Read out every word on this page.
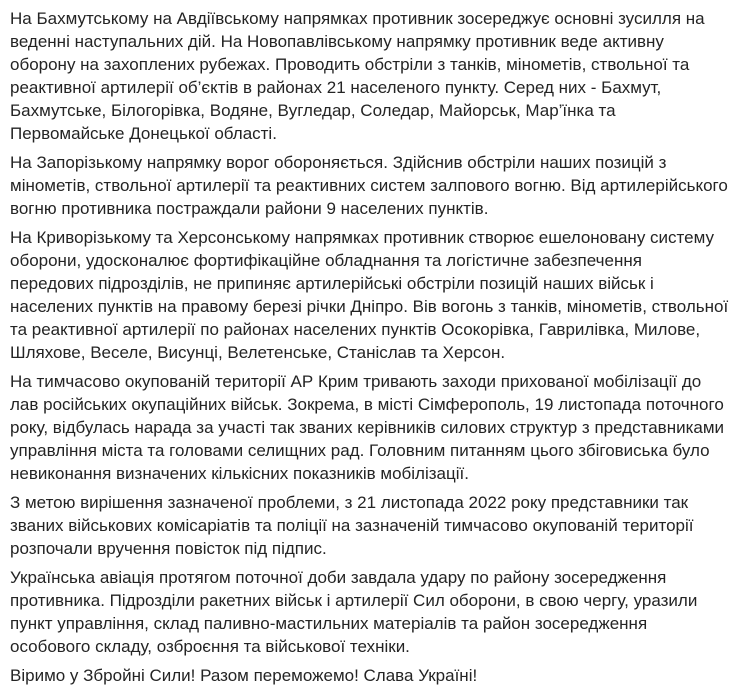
На Бахмутському на Авдіївському напрямках противник зосереджує основні зусилля на веденні наступальних дій. На Новопавлівському напрямку противник веде активну оборону на захоплених рубежах. Проводить обстріли з танків, мінометів, ствольної та реактивної артилерії об’єктів в районах 21 населеного пункту. Серед них - Бахмут, Бахмутське, Білогорівка, Водяне, Вугледар, Соледар, Майорськ, Мар’їнка та Первомайське Донецької області.

На Запорізькому напрямку ворог обороняється. Здійснив обстріли наших позицій з мінометів, ствольної артилерії та реактивних систем залпового вогню. Від артилерійського вогню противника постраждали райони 9 населених пунктів.

На Криворізькому та Херсонському напрямках противник створює ешелоновану систему оборони, удосконалює фортифікаційне обладнання та логістичне забезпечення передових підрозділів, не припиняє артилерійські обстріли позицій наших військ і населених пунктів на правому березі річки Дніпро. Вів вогонь з танків, мінометів, ствольної та реактивної артилерії по районах населених пунктів Осокорівка, Гаврилівка, Милове, Шляхове, Веселе, Висунці, Велетенське, Станіслав та Херсон.

На тимчасово окупованій території АР Крим тривають заходи прихованої мобілізації до лав російських окупаційних військ. Зокрема, в місті Сімферополь, 19 листопада поточного року, відбулась нарада за участі так званих керівників силових структур з представниками управління міста та головами селищних рад. Головним питанням цього збіговиська було невиконання визначених кількісних показників мобілізації.

З метою вирішення зазначеної проблеми, з 21 листопада 2022 року представники так званих військових комісаріатів та поліції на зазначеній тимчасово окупованій території розпочали вручення повісток під підпис.

Українська авіація протягом поточної доби завдала удару по району зосередження противника. Підрозділи ракетних військ і артилерії Сил оборони, в свою чергу, уразили пункт управління, склад паливно-мастильних матеріалів та район зосередження особового складу, озброєння та військової техніки.

Віримо у Збройні Сили! Разом переможемо! Слава Україні!
